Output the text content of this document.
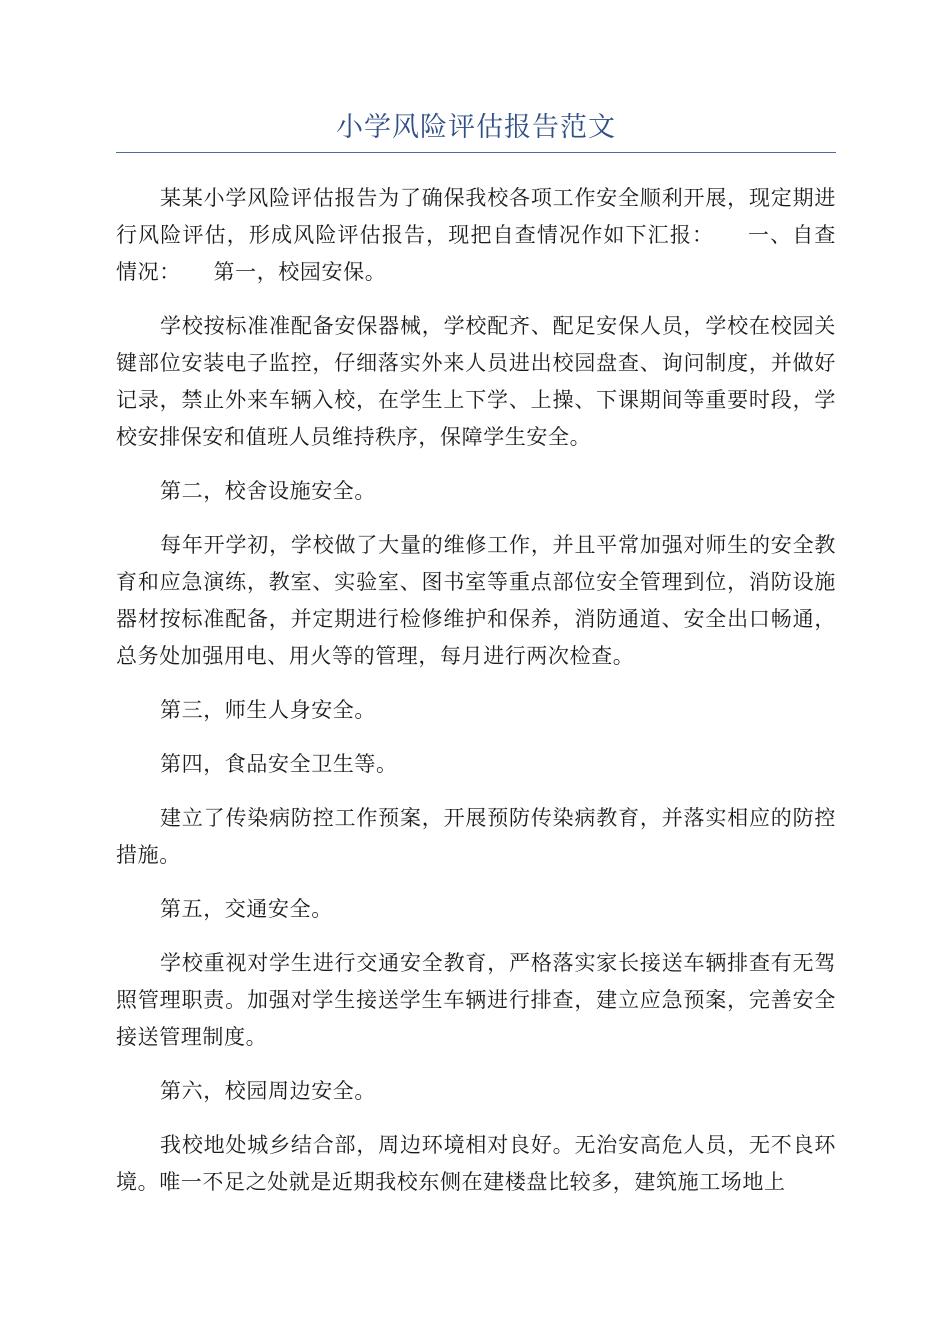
小学风险评估报告范文

某某小学风险评估报告为了确保我校各项工作安全顺利开展，现定期进行风险评估，形成风险评估报告，现把自查情况作如下汇报：　　一、自查情况：　　第一，校园安保。

学校按标准准配备安保器械，学校配齐、配足安保人员，学校在校园关键部位安装电子监控，仔细落实外来人员进出校园盘查、询问制度，并做好记录，禁止外来车辆入校，在学生上下学、上操、下课期间等重要时段，学校安排保安和值班人员维持秩序，保障学生安全。

第二，校舍设施安全。

每年开学初，学校做了大量的维修工作，并且平常加强对师生的安全教育和应急演练，教室、实验室、图书室等重点部位安全管理到位，消防设施器材按标准配备，并定期进行检修维护和保养，消防通道、安全出口畅通，总务处加强用电、用火等的管理，每月进行两次检查。

第三，师生人身安全。

第四，食品安全卫生等。

建立了传染病防控工作预案，开展预防传染病教育，并落实相应的防控措施。

第五，交通安全。

学校重视对学生进行交通安全教育，严格落实家长接送车辆排查有无驾照管理职责。加强对学生接送学生车辆进行排查，建立应急预案，完善安全接送管理制度。

第六，校园周边安全。

我校地处城乡结合部，周边环境相对良好。无治安高危人员，无不良环境。唯一不足之处就是近期我校东侧在建楼盘比较多，建筑施工场地上
